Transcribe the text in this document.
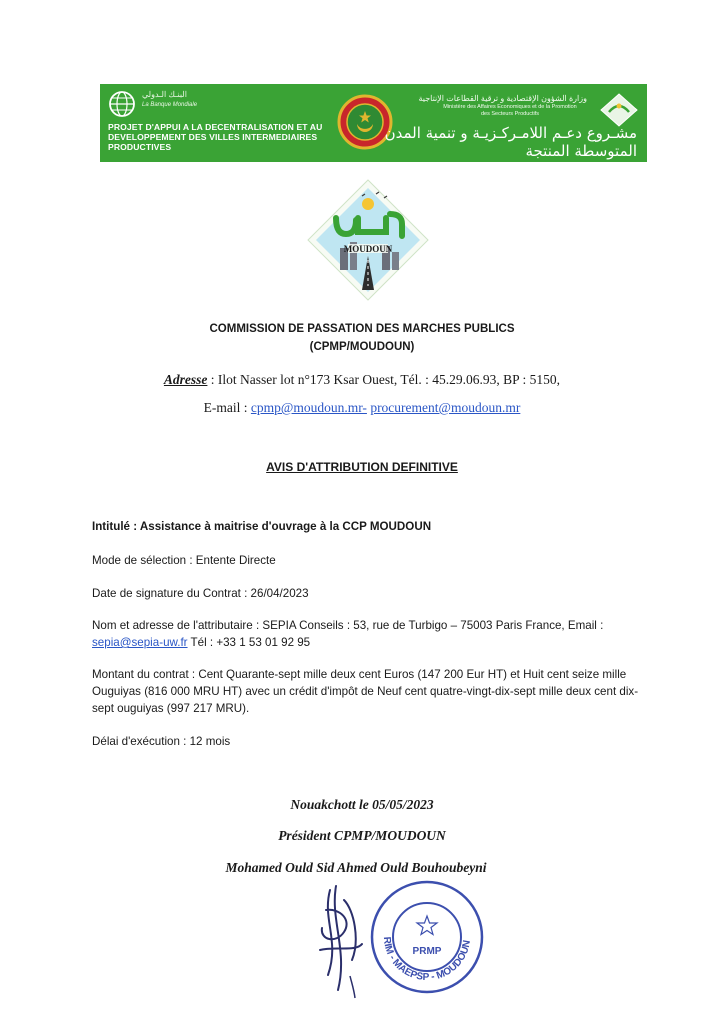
البنـك الـدولي
La Banque Mondiale
PROJET D'APPUI A LA DECENTRALISATION ET AU DEVELOPPEMENT DES VILLES INTERMEDIAIRES PRODUCTIVES
وزارة الشؤون الإقتصادية و ترقية القطاعات الإنتاجية
Ministère des Affaires Economiques et de la Promotion des Secteurs Productifs
مشـروع دعـم اللامـركـزيـة و تنمية المدن المتوسطة المنتجة
MOUDOUN
COMMISSION DE PASSATION DES MARCHES PUBLICS
(CPMP/MOUDOUN)
Adresse : Ilot Nasser lot n°173 Ksar Ouest, Tél. : 45.29.06.93, BP : 5150,
E-mail : cpmp@moudoun.mr- procurement@moudoun.mr
AVIS D'ATTRIBUTION DEFINITIVE
Intitulé : Assistance à maitrise d'ouvrage à la CCP MOUDOUN
Mode de sélection : Entente Directe
Date de signature du Contrat : 26/04/2023
Nom et adresse de l'attributaire : SEPIA Conseils : 53, rue de Turbigo – 75003 Paris France, Email :
sepia@sepia-uw.fr Tél : +33 1 53 01 92 95
Montant du contrat : Cent Quarante-sept mille deux cent Euros (147 200 Eur HT) et Huit cent seize mille Ouguiyas (816 000 MRU HT) avec un crédit d'impôt de Neuf cent quatre-vingt-dix-sept mille deux cent dix-sept ouguiyas (997 217 MRU).
Délai d'exécution : 12 mois
Nouakchott le 05/05/2023
Président CPMP/MOUDOUN
Mohamed Ould Sid Ahmed Ould Bouhoubeyni
RIM - MAEPSP - MOUDOUN
PRMP
